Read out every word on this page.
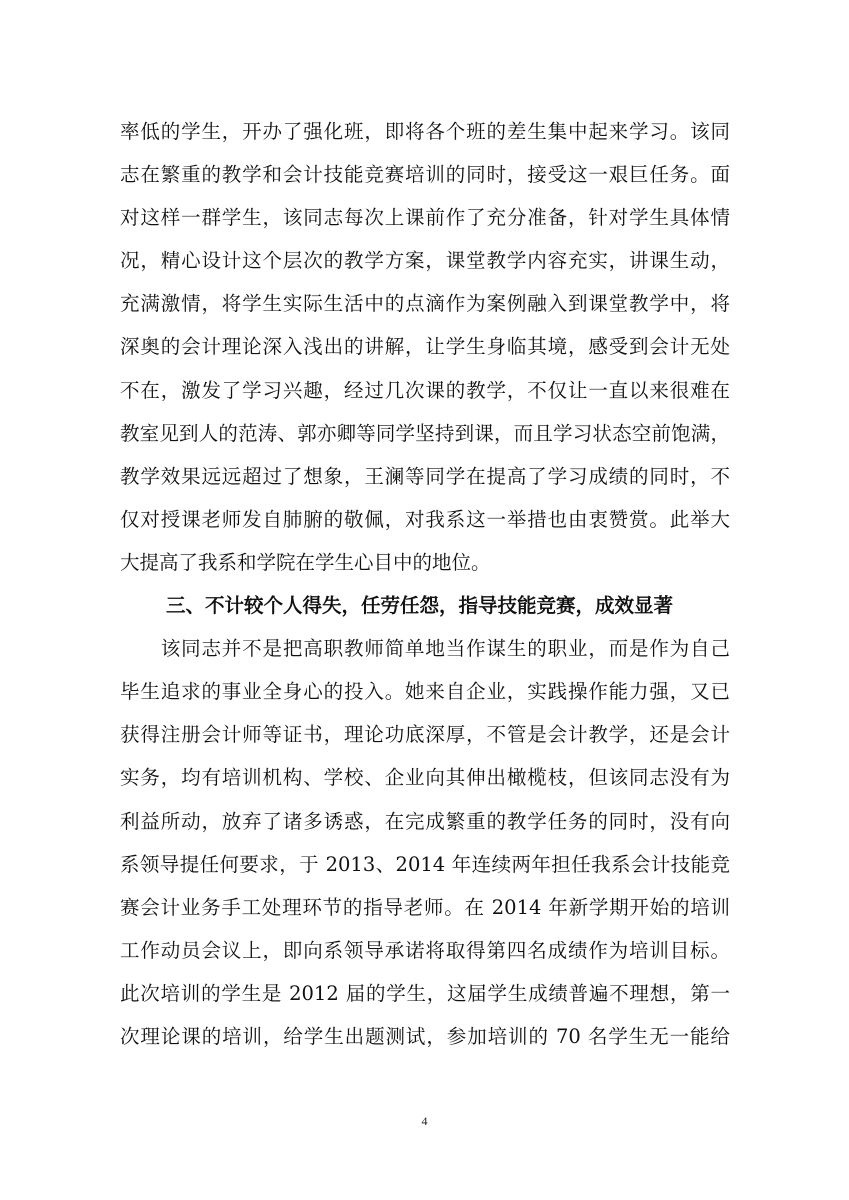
率低的学生，开办了强化班，即将各个班的差生集中起来学习。该同
志在繁重的教学和会计技能竞赛培训的同时，接受这一艰巨任务。面
对这样一群学生，该同志每次上课前作了充分准备，针对学生具体情
况，精心设计这个层次的教学方案，课堂教学内容充实，讲课生动，
充满激情，将学生实际生活中的点滴作为案例融入到课堂教学中，将
深奥的会计理论深入浅出的讲解，让学生身临其境，感受到会计无处
不在，激发了学习兴趣，经过几次课的教学，不仅让一直以来很难在
教室见到人的范涛、郭亦卿等同学坚持到课，而且学习状态空前饱满，
教学效果远远超过了想象，王澜等同学在提高了学习成绩的同时，不
仅对授课老师发自肺腑的敬佩，对我系这一举措也由衷赞赏。此举大
大提高了我系和学院在学生心目中的地位。
三、不计较个人得失，任劳任怨，指导技能竞赛，成效显著
　　该同志并不是把高职教师简单地当作谋生的职业，而是作为自己
毕生追求的事业全身心的投入。她来自企业，实践操作能力强，又已
获得注册会计师等证书，理论功底深厚，不管是会计教学，还是会计
实务，均有培训机构、学校、企业向其伸出橄榄枝，但该同志没有为
利益所动，放弃了诸多诱惑，在完成繁重的教学任务的同时，没有向
系领导提任何要求，于 2013、2014 年连续两年担任我系会计技能竞
赛会计业务手工处理环节的指导老师。在 2014 年新学期开始的培训
工作动员会议上，即向系领导承诺将取得第四名成绩作为培训目标。
此次培训的学生是 2012 届的学生，这届学生成绩普遍不理想，第一
次理论课的培训，给学生出题测试，参加培训的 70 名学生无一能给
4
